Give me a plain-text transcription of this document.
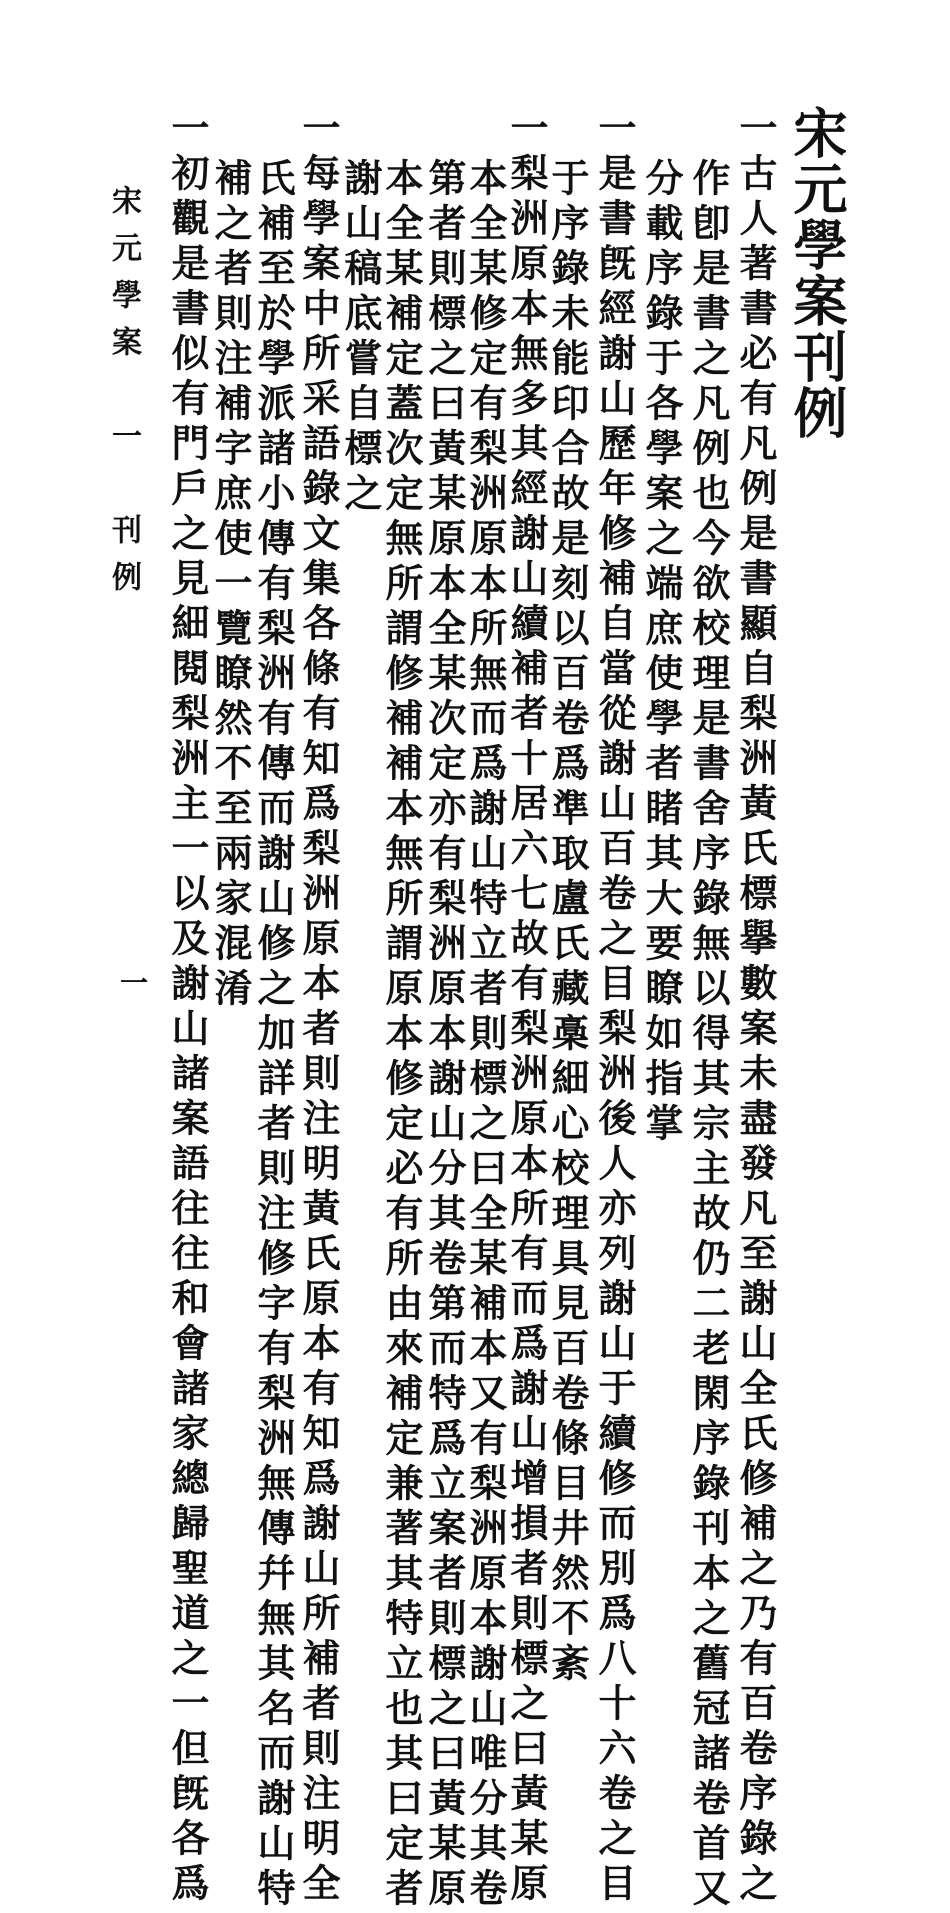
宋元學案刊例
一古人著書必有凡例是書顯自梨洲黃氏標擧數案未盡發凡至謝山全氏修補之乃有百卷序錄之
作卽是書之凡例也今欲校理是書舍序錄無以得其宗主故仍二老閑序錄刊本之舊冠諸卷首又
分載序錄于各學案之端庶使學者睹其大要瞭如指掌
一是書旣經謝山歷年修補自當從謝山百卷之目梨洲後人亦列謝山于續修而別爲八十六卷之目
于序錄未能印合故是刻以百卷爲準取盧氏藏槀細心校理具見百卷條目井然不紊
一梨洲原本無多其經謝山續補者十居六七故有梨洲原本所有而爲謝山增損者則標之曰黃某原
本全某修定有梨洲原本所無而爲謝山特立者則標之曰全某補本又有梨洲原本謝山唯分其卷
第者則標之曰黃某原本全某次定亦有梨洲原本謝山分其卷第而特爲立案者則標之曰黃某原
本全某補定蓋次定無所謂修補補本無所謂原本修定必有所由來補定兼著其特立也其曰定者
謝山稿底嘗自標之
一每學案中所采語錄文集各條有知爲梨洲原本者則注明黃氏原本有知爲謝山所補者則注明全
氏補至於學派諸小傳有梨洲有傳而謝山修之加詳者則注修字有梨洲無傳幷無其名而謝山特
補之者則注補字庶使一覽瞭然不至兩家混淆
一初觀是書似有門戶之見細閱梨洲主一以及謝山諸案語往往和會諸家總歸聖道之一但旣各爲
宋元學案　一　刊例
一
